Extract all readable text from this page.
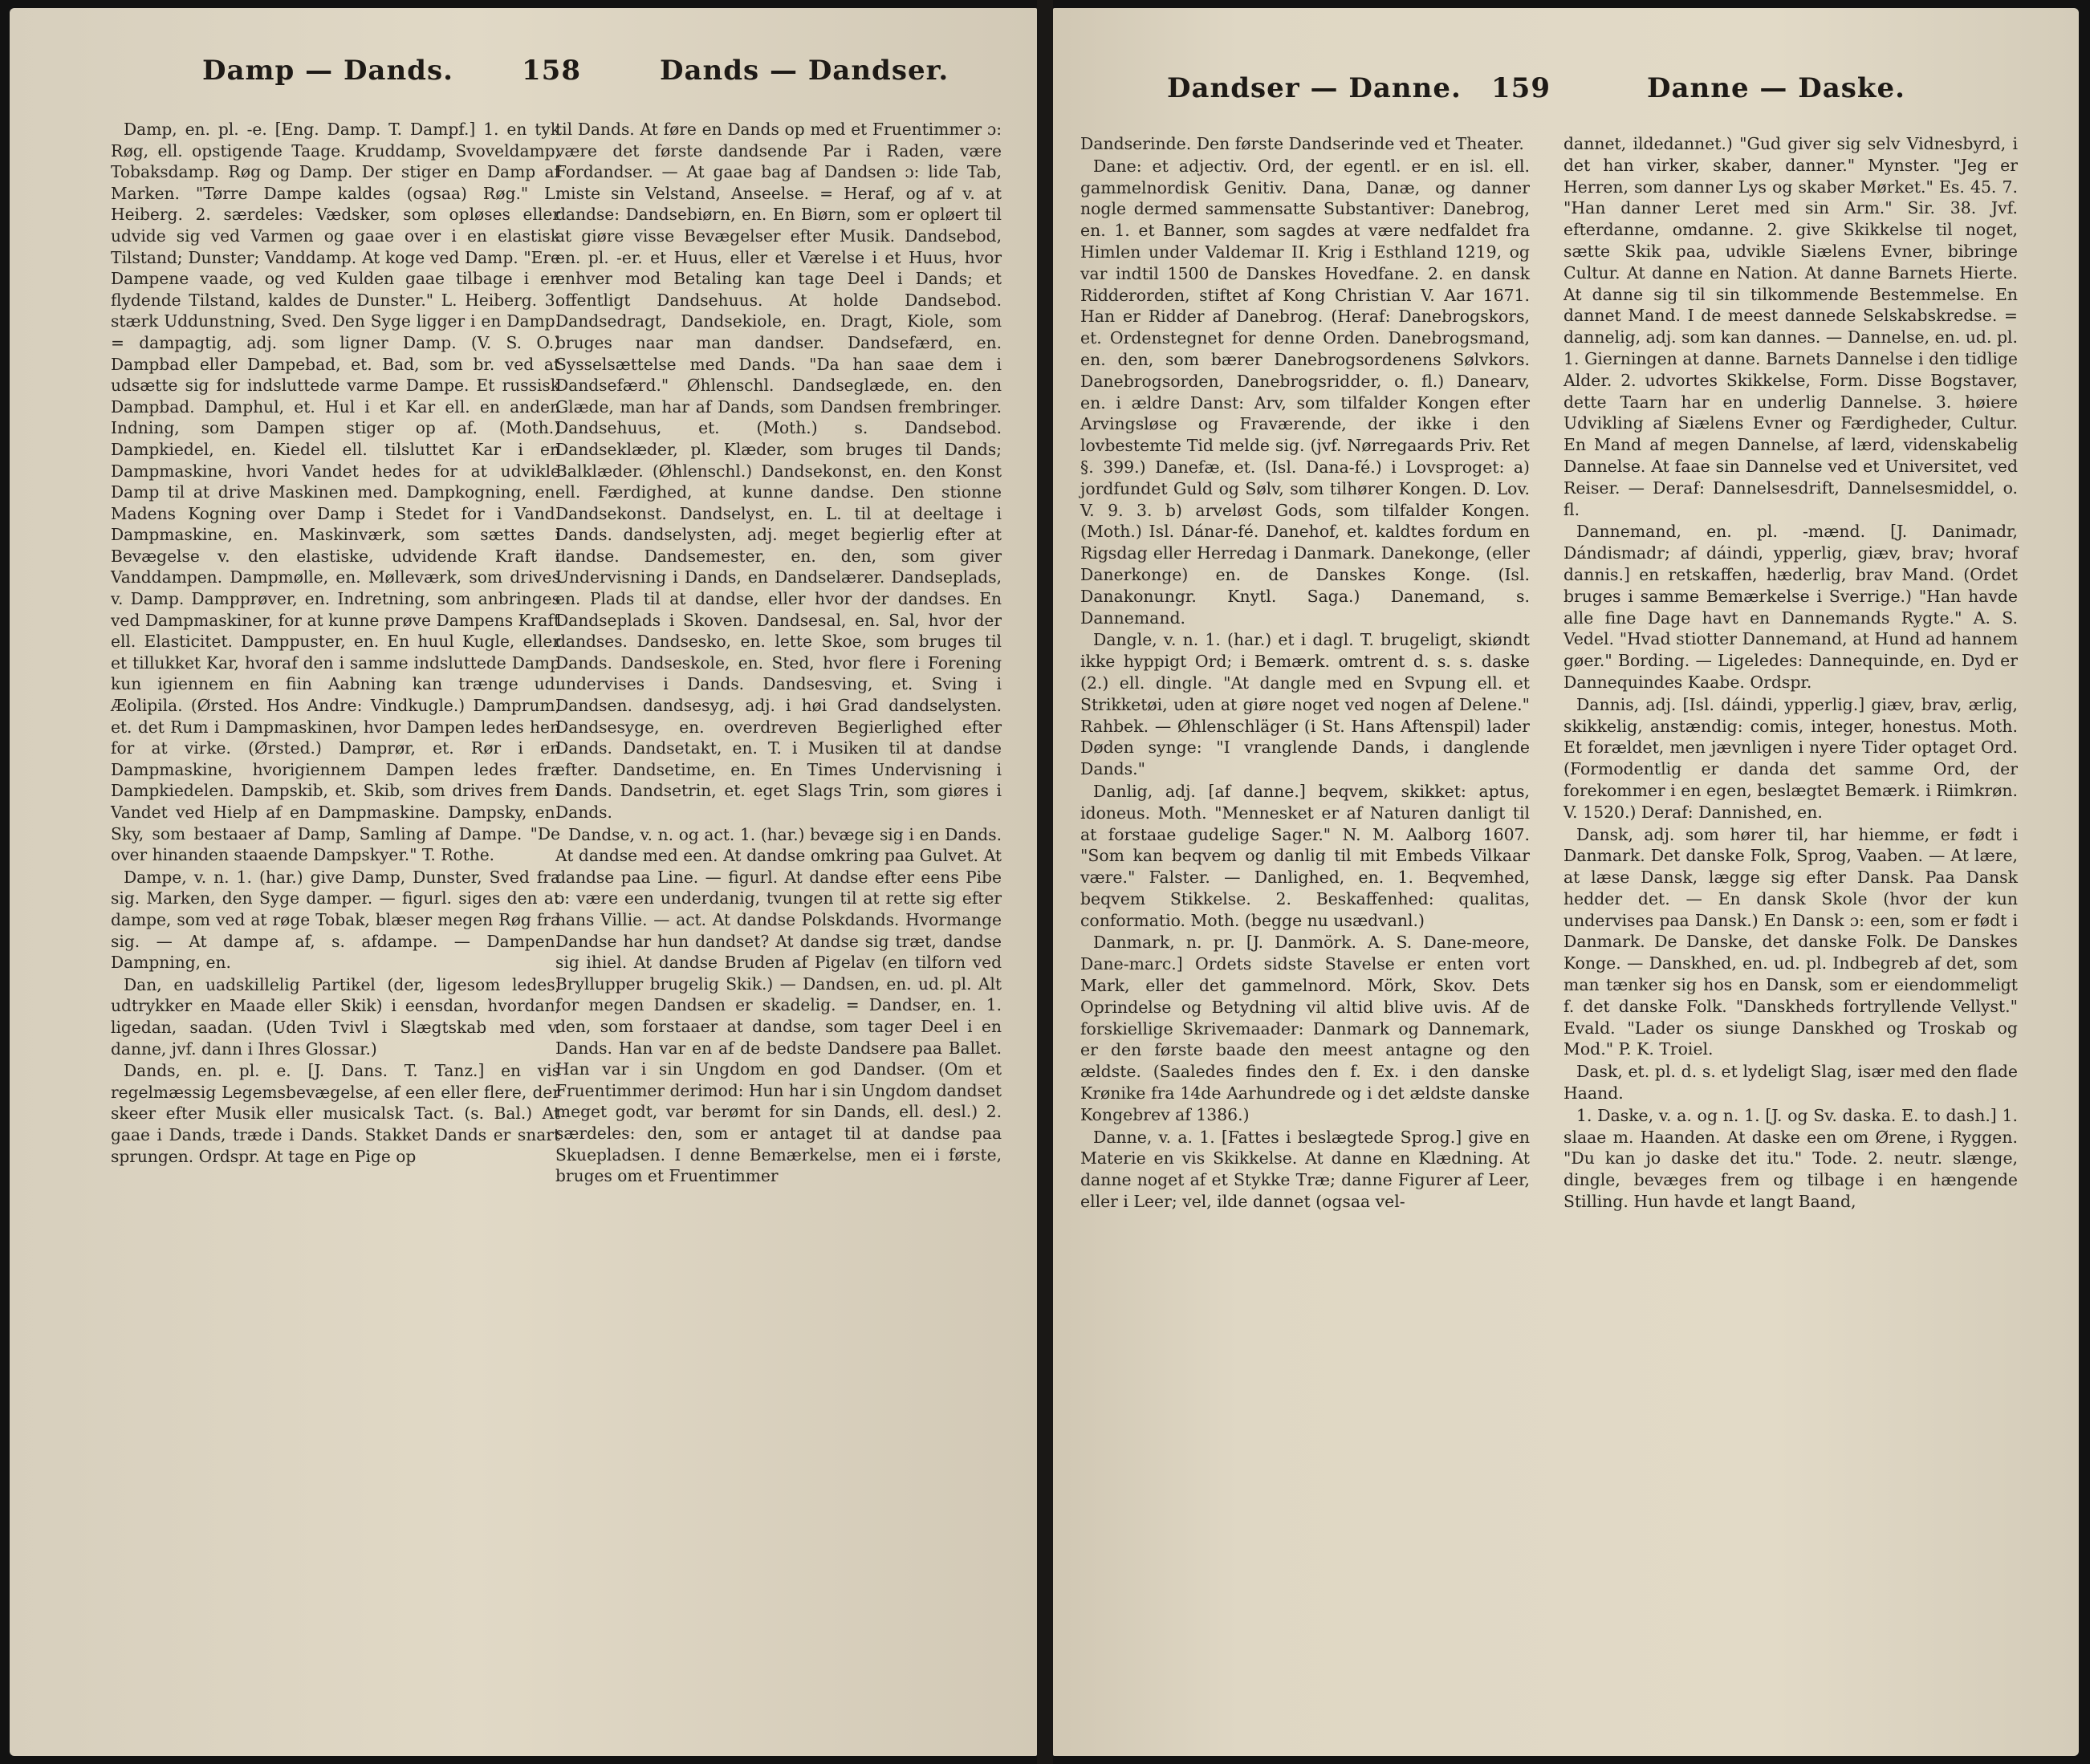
Damp — Dands.	158	Dands — Dandser.

Damp, en. pl. -e. [Eng. Damp. T. Dampf.] 1. en tyk Røg, ell. opstigende Taage. Kruddamp, Svoveldamp, Tobaksdamp. Røg og Damp. Der stiger en Damp af Marken. "Tørre Dampe kaldes (ogsaa) Røg." L. Heiberg. 2. særdeles: Vædsker, som opløses eller udvide sig ved Varmen og gaae over i en elastisk Tilstand; Dunster; Vanddamp. At koge ved Damp. "Ere Dampene vaade, og ved Kulden gaae tilbage i en flydende Tilstand, kaldes de Dunster." L. Heiberg. 3. stærk Uddunstning, Sved. Den Syge ligger i en Damp. = dampagtig, adj. som ligner Damp. (V. S. O.) Dampbad eller Dampebad, et. Bad, som br. ved at udsætte sig for indsluttede varme Dampe. Et russisk Dampbad. Damphul, et. Hul i et Kar ell. en anden Indning, som Dampen stiger op af. (Moth.) Dampkiedel, en. Kiedel ell. tilsluttet Kar i en Dampmaskine, hvori Vandet hedes for at udvikle Damp til at drive Maskinen med. Dampkogning, en. Madens Kogning over Damp i Stedet for i Vand. Dampmaskine, en. Maskinværk, som sættes i Bevægelse v. den elastiske, udvidende Kraft i Vanddampen. Dampmølle, en. Mølleværk, som drives v. Damp. Dampprøver, en. Indretning, som anbringes ved Dampmaskiner, for at kunne prøve Dampens Kraft ell. Elasticitet. Damppuster, en. En huul Kugle, eller et tillukket Kar, hvoraf den i samme indsluttede Damp kun igiennem en fiin Aabning kan trænge ud. Æolipila. (Ørsted. Hos Andre: Vindkugle.) Damprum, et. det Rum i Dampmaskinen, hvor Dampen ledes hen for at virke. (Ørsted.) Damprør, et. Rør i en Dampmaskine, hvorigiennem Dampen ledes fra Dampkiedelen. Dampskib, et. Skib, som drives frem i Vandet ved Hielp af en Dampmaskine. Dampsky, en. Sky, som bestaaer af Damp, Samling af Dampe. "De over hinanden staaende Dampskyer." T. Rothe.

Dampe, v. n. 1. (har.) give Damp, Dunster, Sved fra sig. Marken, den Syge damper. — figurl. siges den at dampe, som ved at røge Tobak, blæser megen Røg fra sig. — At dampe af, s. afdampe. — Dampen. Dampning, en.

Dan, en uadskillelig Partikel (der, ligesom ledes, udtrykker en Maade eller Skik) i eensdan, hvordan, ligedan, saadan. (Uden Tvivl i Slægtskab med v. danne, jvf. dann i Ihres Glossar.)

Dands, en. pl. e. [J. Dans. T. Tanz.] en vis regelmæssig Legemsbevægelse, af een eller flere, der skeer efter Musik eller musicalsk Tact. (s. Bal.) At gaae i Dands, træde i Dands. Stakket Dands er snart sprungen. Ordspr. At tage en Pige op

til Dands. At føre en Dands op med et Fruentimmer ɔ: være det første dandsende Par i Raden, være Fordandser. — At gaae bag af Dandsen ɔ: lide Tab, miste sin Velstand, Anseelse. = Heraf, og af v. at dandse: Dandsebiørn, en. En Biørn, som er opløert til at giøre visse Bevægelser efter Musik. Dandsebod, en. pl. -er. et Huus, eller et Værelse i et Huus, hvor enhver mod Betaling kan tage Deel i Dands; et offentligt Dandsehuus. At holde Dandsebod. Dandsedragt, Dandsekiole, en. Dragt, Kiole, som bruges naar man dandser. Dandsefærd, en. Sysselsættelse med Dands. "Da han saae dem i Dandsefærd." Øhlenschl. Dandseglæde, en. den Glæde, man har af Dands, som Dandsen frembringer. Dandsehuus, et. (Moth.) s. Dandsebod. Dandseklæder, pl. Klæder, som bruges til Dands; Balklæder. (Øhlenschl.) Dandsekonst, en. den Konst ell. Færdighed, at kunne dandse. Den stionne Dandsekonst. Dandselyst, en. L. til at deeltage i Dands. dandselysten, adj. meget begierlig efter at dandse. Dandsemester, en. den, som giver Undervisning i Dands, en Dandselærer. Dandseplads, en. Plads til at dandse, eller hvor der dandses. En Dandseplads i Skoven. Dandsesal, en. Sal, hvor der dandses. Dandsesko, en. lette Skoe, som bruges til Dands. Dandseskole, en. Sted, hvor flere i Forening undervises i Dands. Dandsesving, et. Sving i Dandsen. dandsesyg, adj. i høi Grad dandselysten. Dandsesyge, en. overdreven Begierlighed efter Dands. Dandsetakt, en. T. i Musiken til at dandse efter. Dandsetime, en. En Times Undervisning i Dands. Dandsetrin, et. eget Slags Trin, som giøres i Dands.

Dandse, v. n. og act. 1. (har.) bevæge sig i en Dands. At dandse med een. At dandse omkring paa Gulvet. At dandse paa Line. — figurl. At dandse efter eens Pibe ɔ: være een underdanig, tvungen til at rette sig efter hans Villie. — act. At dandse Polskdands. Hvormange Dandse har hun dandset? At dandse sig træt, dandse sig ihiel. At dandse Bruden af Pigelav (en tilforn ved Bryllupper brugelig Skik.) — Dandsen, en. ud. pl. Alt for megen Dandsen er skadelig. = Dandser, en. 1. den, som forstaaer at dandse, som tager Deel i en Dands. Han var en af de bedste Dandsere paa Ballet. Han var i sin Ungdom en god Dandser. (Om et Fruentimmer derimod: Hun har i sin Ungdom dandset meget godt, var berømt for sin Dands, ell. desl.) 2. særdeles: den, som er antaget til at dandse paa Skuepladsen. I denne Bemærkelse, men ei i første, bruges om et Fruentimmer

Dandser — Danne. 159	Danne — Daske.

Dandserinde. Den første Dandserinde ved et Theater.

Dane: et adjectiv. Ord, der egentl. er en isl. ell. gammelnordisk Genitiv. Dana, Danæ, og danner nogle dermed sammensatte Substantiver: Danebrog, en. 1. et Banner, som sagdes at være nedfaldet fra Himlen under Valdemar II. Krig i Esthland 1219, og var indtil 1500 de Danskes Hovedfane. 2. en dansk Ridderorden, stiftet af Kong Christian V. Aar 1671. Han er Ridder af Danebrog. (Heraf: Danebrogskors, et. Ordenstegnet for denne Orden. Danebrogsmand, en. den, som bærer Danebrogsordenens Sølvkors. Danebrogsorden, Danebrogsridder, o. fl.) Danearv, en. i ældre Danst: Arv, som tilfalder Kongen efter Arvingsløse og Fraværende, der ikke i den lovbestemte Tid melde sig. (jvf. Nørregaards Priv. Ret §. 399.) Danefæ, et. (Isl. Dana-fé.) i Lovsproget: a) jordfundet Guld og Sølv, som tilhører Kongen. D. Lov. V. 9. 3. b) arveløst Gods, som tilfalder Kongen. (Moth.) Isl. Dánar-fé. Danehof, et. kaldtes fordum en Rigsdag eller Herredag i Danmark. Danekonge, (eller Danerkonge) en. de Danskes Konge. (Isl. Danakonungr. Knytl. Saga.) Danemand, s. Dannemand.

Dangle, v. n. 1. (har.) et i dagl. T. brugeligt, skiøndt ikke hyppigt Ord; i Bemærk. omtrent d. s. s. daske (2.) ell. dingle. "At dangle med en Svpung ell. et Strikketøi, uden at giøre noget ved nogen af Delene." Rahbek. — Øhlenschläger (i St. Hans Aftenspil) lader Døden synge: "I vranglende Dands, i danglende Dands."

Danlig, adj. [af danne.] beqvem, skikket: aptus, idoneus. Moth. "Mennesket er af Naturen danligt til at forstaae gudelige Sager." N. M. Aalborg 1607. "Som kan beqvem og danlig til mit Embeds Vilkaar være." Falster. — Danlighed, en. 1. Beqvemhed, beqvem Stikkelse. 2. Beskaffenhed: qualitas, conformatio. Moth. (begge nu usædvanl.)

Danmark, n. pr. [J. Danmörk. A. S. Dane-meore, Dane-marc.] Ordets sidste Stavelse er enten vort Mark, eller det gammelnord. Mörk, Skov. Dets Oprindelse og Betydning vil altid blive uvis. Af de forskiellige Skrivemaader: Danmark og Dannemark, er den første baade den meest antagne og den ældste. (Saaledes findes den f. Ex. i den danske Krønike fra 14de Aarhundrede og i det ældste danske Kongebrev af 1386.)

Danne, v. a. 1. [Fattes i beslægtede Sprog.] give en Materie en vis Skikkelse. At danne en Klædning. At danne noget af et Stykke Træ; danne Figurer af Leer, eller i Leer; vel, ilde dannet (ogsaa vel-

dannet, ildedannet.) "Gud giver sig selv Vidnesbyrd, i det han virker, skaber, danner." Mynster. "Jeg er Herren, som danner Lys og skaber Mørket." Es. 45. 7. "Han danner Leret med sin Arm." Sir. 38. Jvf. efterdanne, omdanne. 2. give Skikkelse til noget, sætte Skik paa, udvikle Siælens Evner, bibringe Cultur. At danne en Nation. At danne Barnets Hierte. At danne sig til sin tilkommende Bestemmelse. En dannet Mand. I de meest dannede Selskabskredse. = dannelig, adj. som kan dannes. — Dannelse, en. ud. pl. 1. Gierningen at danne. Barnets Dannelse i den tidlige Alder. 2. udvortes Skikkelse, Form. Disse Bogstaver, dette Taarn har en underlig Dannelse. 3. høiere Udvikling af Siælens Evner og Færdigheder, Cultur. En Mand af megen Dannelse, af lærd, videnskabelig Dannelse. At faae sin Dannelse ved et Universitet, ved Reiser. — Deraf: Dannelsesdrift, Dannelsesmiddel, o. fl.

Dannemand, en. pl. -mænd. [J. Danimadr, Dándismadr; af dáindi, ypperlig, giæv, brav; hvoraf dannis.] en retskaffen, hæderlig, brav Mand. (Ordet bruges i samme Bemærkelse i Sverrige.) "Han havde alle fine Dage havt en Dannemands Rygte." A. S. Vedel. "Hvad stiotter Dannemand, at Hund ad hannem gøer." Bording. — Ligeledes: Dannequinde, en. Dyd er Dannequindes Kaabe. Ordspr.

Dannis, adj. [Isl. dáindi, ypperlig.] giæv, brav, ærlig, skikkelig, anstændig: comis, integer, honestus. Moth. Et forældet, men jævnligen i nyere Tider optaget Ord. (Formodentlig er danda det samme Ord, der forekommer i en egen, beslægtet Bemærk. i Riimkrøn. V. 1520.) Deraf: Dannished, en.

Dansk, adj. som hører til, har hiemme, er født i Danmark. Det danske Folk, Sprog, Vaaben. — At lære, at læse Dansk, lægge sig efter Dansk. Paa Dansk hedder det. — En dansk Skole (hvor der kun undervises paa Dansk.) En Dansk ɔ: een, som er født i Danmark. De Danske, det danske Folk. De Danskes Konge. — Danskhed, en. ud. pl. Indbegreb af det, som man tænker sig hos en Dansk, som er eiendommeligt f. det danske Folk. "Danskheds fortryllende Vellyst." Evald. "Lader os siunge Danskhed og Troskab og Mod." P. K. Troiel.

Dask, et. pl. d. s. et lydeligt Slag, især med den flade Haand.

1. Daske, v. a. og n. 1. [J. og Sv. daska. E. to dash.] 1. slaae m. Haanden. At daske een om Ørene, i Ryggen. "Du kan jo daske det itu." Tode. 2. neutr. slænge, dingle, bevæges frem og tilbage i en hængende Stilling. Hun havde et langt Baand,
